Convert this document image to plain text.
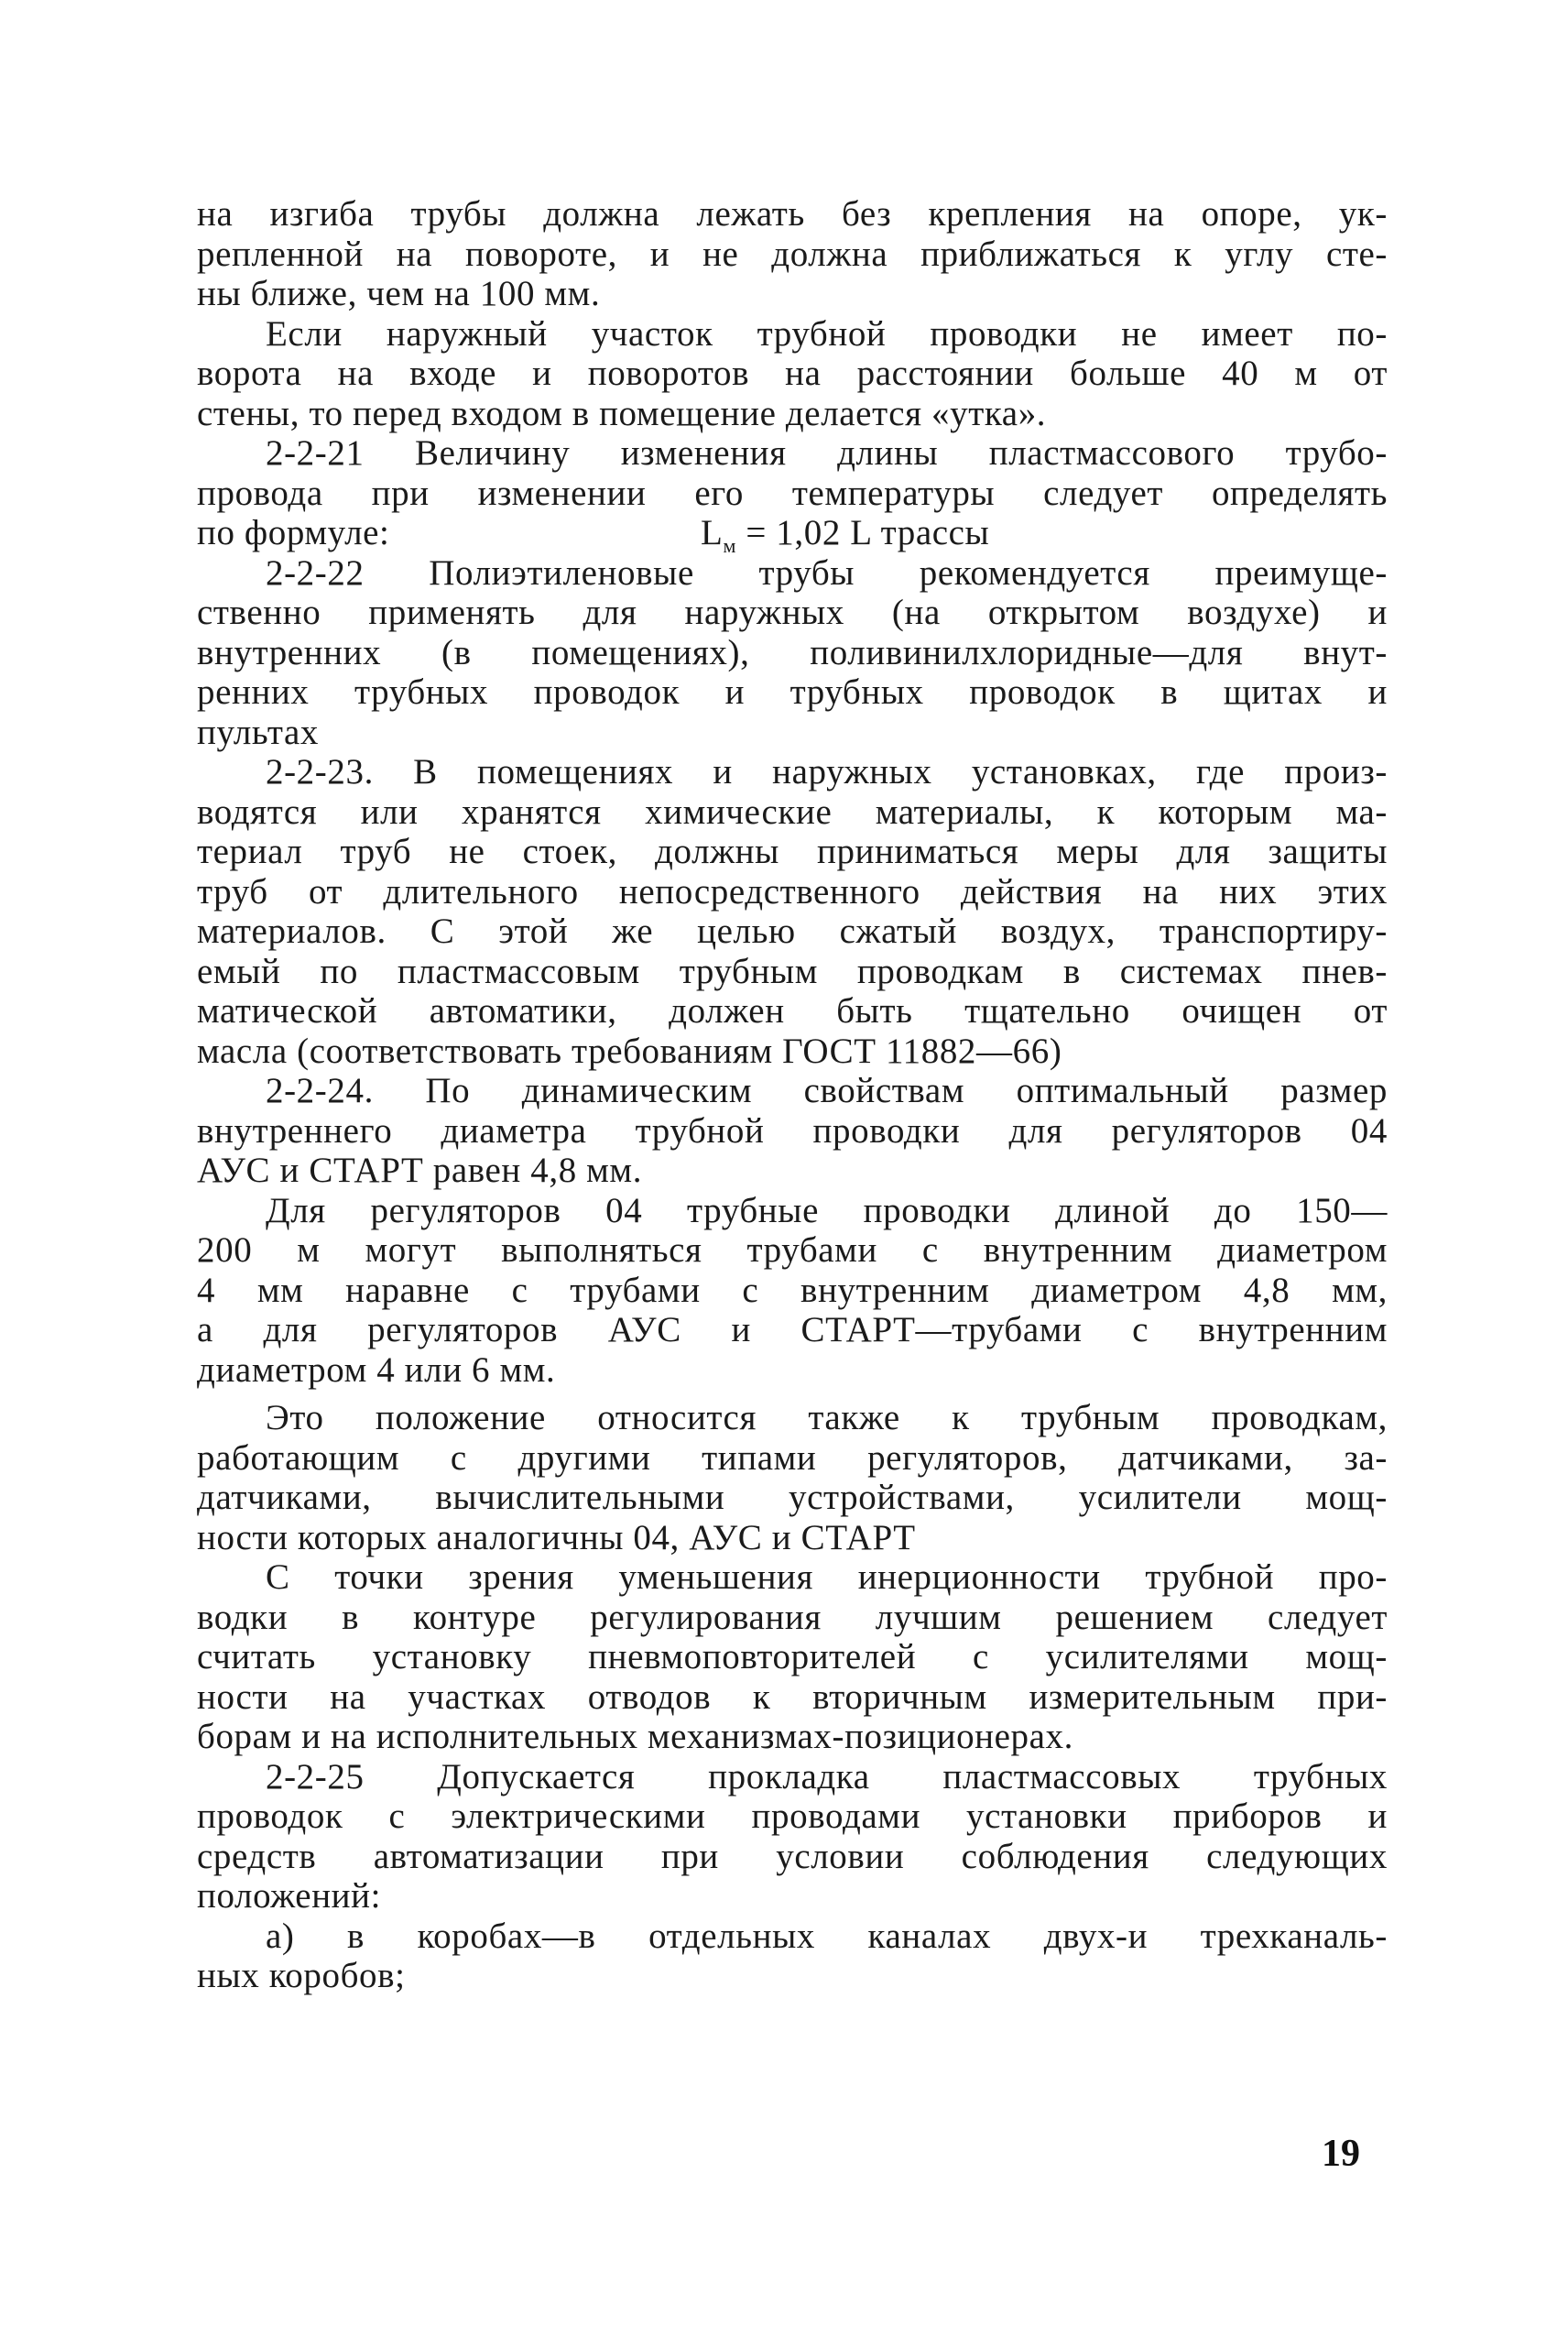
на изгиба трубы должна лежать без крепления на опоре, ук-
репленной на повороте, и не должна приближаться к углу сте-
ны ближе, чем на 100 мм.
Если наружный участок трубной проводки не имеет по-
ворота на входе и поворотов на расстоянии больше 40 м от
стены, то перед входом в помещение делается «утка».
2-2-21 Величину изменения длины пластмассового трубо-
провода при изменении его температуры следует определять
по формуле:	$L_м = 1,02$ L трассы
2-2-22 Полиэтиленовые трубы рекомендуется преимуще-
ственно применять для наружных (на открытом воздухе) и
внутренних (в помещениях), поливинилхлоридные—для внут-
ренних трубных проводок и трубных проводок в щитах и
пультах
2-2-23. В помещениях и наружных установках, где произ-
водятся или хранятся химические материалы, к которым ма-
териал труб не стоек, должны приниматься меры для защиты
труб от длительного непосредственного действия на них этих
материалов. С этой же целью сжатый воздух, транспортиру-
емый по пластмассовым трубным проводкам в системах пнев-
матической автоматики, должен быть тщательно очищен от
масла (соответствовать требованиям ГОСТ 11882—66)
2-2-24. По динамическим свойствам оптимальный размер
внутреннего диаметра трубной проводки для регуляторов 04
АУС и СТАРТ равен 4,8 мм.
Для регуляторов 04 трубные проводки длиной до 150—
200 м могут выполняться трубами с внутренним диаметром
4 мм наравне с трубами с внутренним диаметром 4,8 мм,
а для регуляторов АУС и СТАРТ—трубами с внутренним
диаметром 4 или 6 мм.
Это положение относится также к трубным проводкам,
работающим с другими типами регуляторов, датчиками, за-
датчиками, вычислительными устройствами, усилители мощ-
ности которых аналогичны 04, АУС и СТАРТ
С точки зрения уменьшения инерционности трубной про-
водки в контуре регулирования лучшим решением следует
считать установку пневмоповторителей с усилителями мощ-
ности на участках отводов к вторичным измерительным при-
борам и на исполнительных механизмах-позиционерах.
2-2-25 Допускается прокладка пластмассовых трубных
проводок с электрическими проводами установки приборов и
средств автоматизации при условии соблюдения следующих
положений:
а) в коробах—в отдельных каналах двух-и трехканаль-
ных коробов;
19
